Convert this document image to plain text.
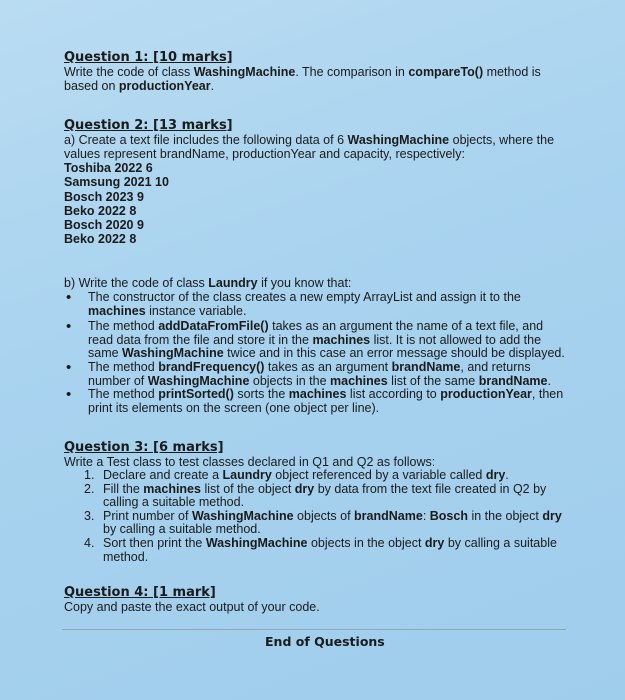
Question 1: [10 marks]

Write the code of class WashingMachine. The comparison in compareTo() method is

based on productionYear.

Question 2: [13 marks]

a) Create a text file includes the following data of 6 WashingMachine objects, where the

values represent brandName, productionYear and capacity, respectively:

Toshiba 2022 6
Samsung 2021 10
Bosch 2023 9
Beko 2022 8
Bosch 2020 9
Beko 2022 8

b) Write the code of class Laundry if you know that:

• The constructor of the class creates a new empty ArrayList and assign it to the
machines instance variable.
• The method addDataFromFile() takes as an argument the name of a text file, and
read data from the file and store it in the machines list. It is not allowed to add the
same WashingMachine twice and in this case an error message should be displayed.
• The method brandFrequency() takes as an argument brandName, and returns
number of WashingMachine objects in the machines list of the same brandName.
• The method printSorted() sorts the machines list according to productionYear, then
print its elements on the screen (one object per line).

Question 3: [6 marks]

Write a Test class to test classes declared in Q1 and Q2 as follows:

1. Declare and create a Laundry object referenced by a variable called dry.
2. Fill the machines list of the object dry by data from the text file created in Q2 by
calling a suitable method.
3. Print number of WashingMachine objects of brandName: Bosch in the object dry
by calling a suitable method.
4. Sort then print the WashingMachine objects in the object dry by calling a suitable
method.

Question 4: [1 mark]

Copy and paste the exact output of your code.

End of Questions
